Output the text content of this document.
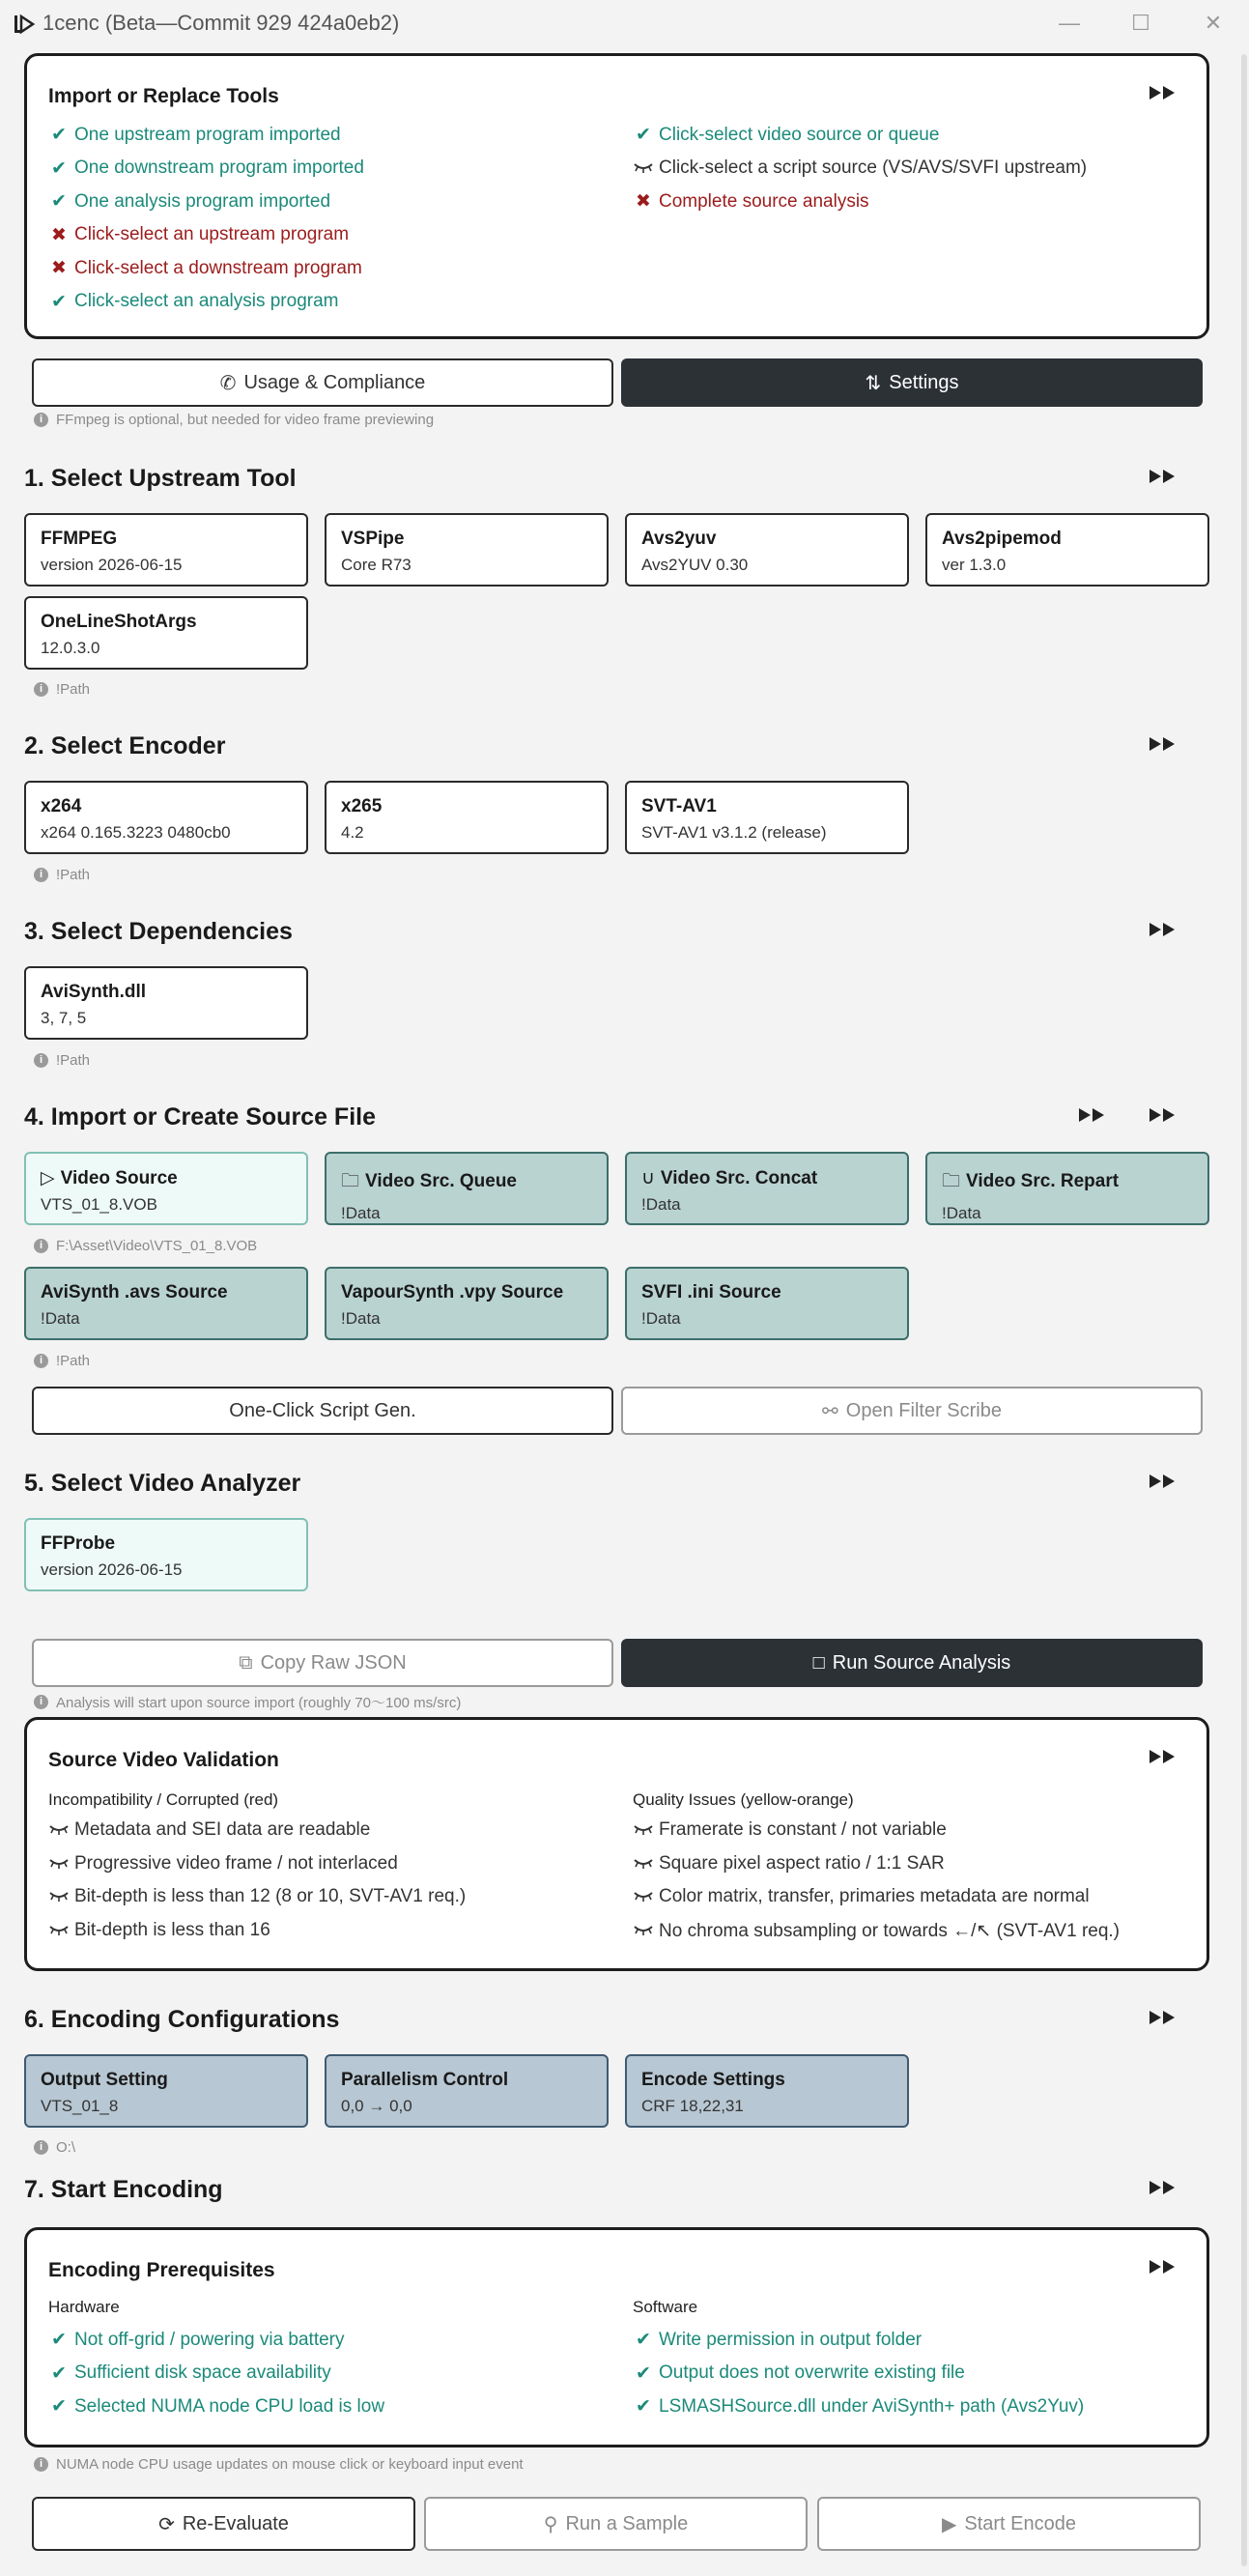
1cenc (Beta—Commit 929 424a0eb2)	—	☐	✕
Import or Replace Tools
✔ One upstream program imported
✔ One downstream program imported
✔ One analysis program imported
✖ Click-select an upstream program
✖ Click-select a downstream program
✔ Click-select an analysis program
✔ Click-select video source or queue
Click-select a script source (VS/AVS/SVFI upstream)
✖ Complete source analysis
✆ Usage & Compliance	⇅ Settings
i FFmpeg is optional, but needed for video frame previewing
1. Select Upstream Tool
FFMPEG
version 2026-06-15
VSPipe
Core R73
Avs2yuv
Avs2YUV 0.30
Avs2pipemod
ver 1.3.0
OneLineShotArgs
12.0.3.0
i !Path
2. Select Encoder
x264
x264 0.165.3223 0480cb0
x265
4.2
SVT-AV1
SVT-AV1 v3.1.2 (release)
i !Path
3. Select Dependencies
AviSynth.dll
3, 7, 5
i !Path
4. Import or Create Source File
▷ Video Source
VTS_01_8.VOB
🗀 Video Src. Queue
!Data
∪ Video Src. Concat
!Data
🗀 Video Src. Repart
!Data
i F:\Asset\Video\VTS_01_8.VOB
AviSynth .avs Source
!Data
VapourSynth .vpy Source
!Data
SVFI .ini Source
!Data
i !Path
One-Click Script Gen.	⚯ Open Filter Scribe
5. Select Video Analyzer
FFProbe
version 2026-06-15
⧉ Copy Raw JSON	□ Run Source Analysis
i Analysis will start upon source import (roughly 70〜100 ms/src)
Source Video Validation
Incompatibility / Corrupted (red)	Quality Issues (yellow-orange)
Metadata and SEI data are readable
Progressive video frame / not interlaced
Bit-depth is less than 12 (8 or 10, SVT-AV1 req.)
Bit-depth is less than 16
Framerate is constant / not variable
Square pixel aspect ratio / 1:1 SAR
Color matrix, transfer, primaries metadata are normal
No chroma subsampling or towards ←/↖ (SVT-AV1 req.)
6. Encoding Configurations
Output Setting
VTS_01_8
Parallelism Control
0,0 → 0,0
Encode Settings
CRF 18,22,31
i O:\
7. Start Encoding
Encoding Prerequisites
Hardware	Software
✔ Not off-grid / powering via battery
✔ Sufficient disk space availability
✔ Selected NUMA node CPU load is low
✔ Write permission in output folder
✔ Output does not overwrite existing file
✔ LSMASHSource.dll under AviSynth+ path (Avs2Yuv)
i NUMA node CPU usage updates on mouse click or keyboard input event
⟳ Re-Evaluate	⚲ Run a Sample	▶ Start Encode
